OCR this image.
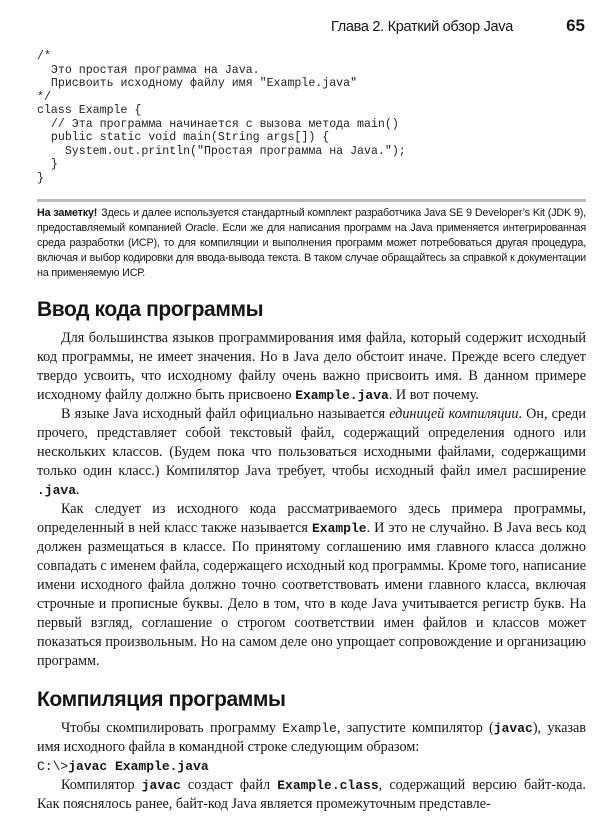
Глава 2. Краткий обзор Java	65
/*
Это простая программа на Java.
Присвоить исходному файлу имя "Example.java"
*/
class Example {
// Эта программа начинается с вызова метода main()
public static void main(String args[]) {
System.out.println("Простая программа на Java.");
}
}
На заметку! Здесь и далее используется стандартный комплект разработчика Java SE 9 Developer’s Kit (JDK 9), предоставляемый компанией Oracle. Если же для написания программ на Java применяется интегрированная среда разработки (ИСР), то для компиляции и выполнения программ может потребоваться другая процедура, включая и выбор кодировки для ввода-вывода текста. В таком случае обращайтесь за справкой к документации на применяемую ИСР.
Ввод кода программы

Для большинства языков программирования имя файла, который содержит исходный код программы, не имеет значения. Но в Java дело обстоит иначе. Прежде всего следует твердо усвоить, что исходному файлу очень важно присвоить имя. В данном примере исходному файлу должно быть присвоено Example.java. И вот почему.

В языке Java исходный файл официально называется единицей компиляции. Он, среди прочего, представляет собой текстовый файл, содержащий определения одного или нескольких классов. (Будем пока что пользоваться исходными файлами, содержащими только один класс.) Компилятор Java требует, чтобы исходный файл имел расширение .java.

Как следует из исходного кода рассматриваемого здесь примера программы, определенный в ней класс также называется Example. И это не случайно. В Java весь код должен размещаться в классе. По принятому соглашению имя главного класса должно совпадать с именем файла, содержащего исходный код программы. Кроме того, написание имени исходного файла должно точно соответствовать имени главного класса, включая строчные и прописные буквы. Дело в том, что в коде Java учитывается регистр букв. На первый взгляд, соглашение о строгом соответствии имен файлов и классов может показаться произвольным. Но на самом деле оно упрощает сопровождение и организацию программ.

Компиляция программы

Чтобы скомпилировать программу Example, запустите компилятор (javac), указав имя исходного файла в командной строке следующим образом:

C:\>javac Example.java

Компилятор javac создаст файл Example.class, содержащий версию байт-кода. Как пояснялось ранее, байт-код Java является промежуточным представле-
